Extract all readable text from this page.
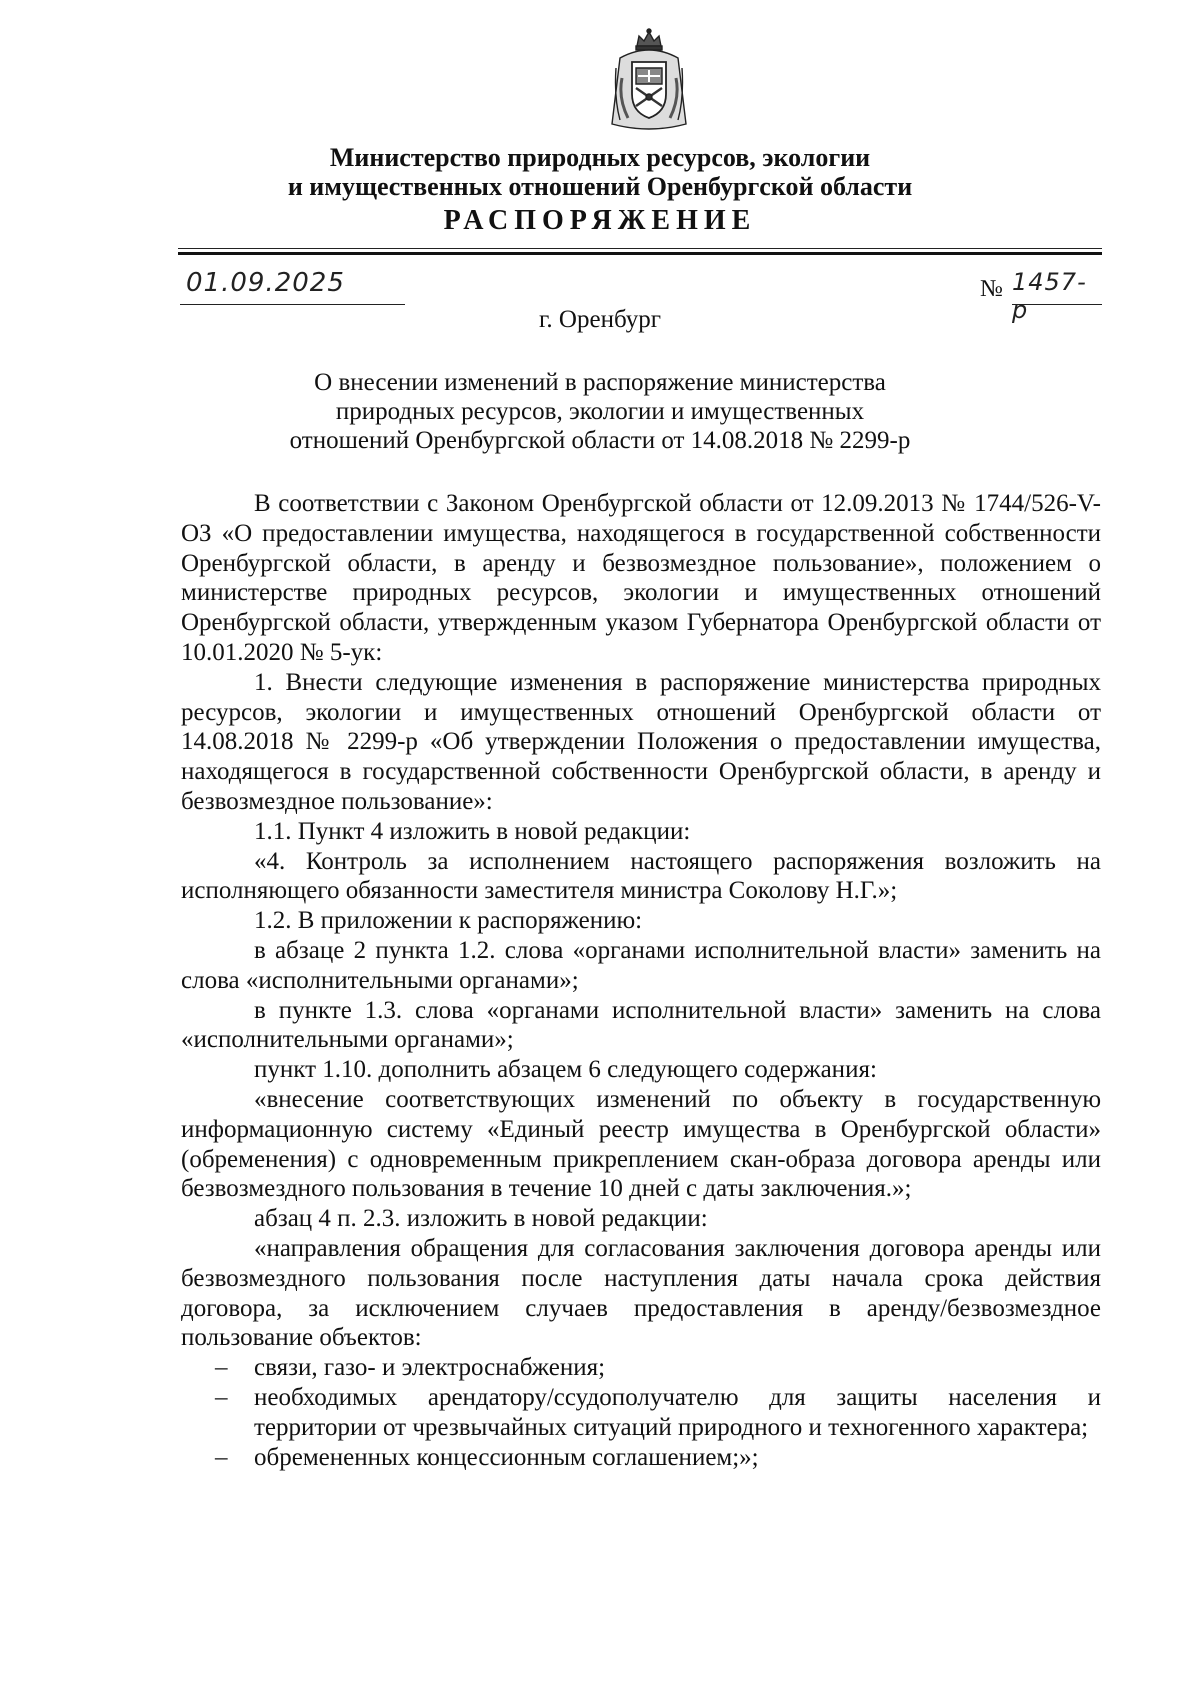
Министерство природных ресурсов, экологии
и имущественных отношений Оренбургской области
РАСПОРЯЖЕНИЕ
01.09.2025	№ 1457-р
г. Оренбург
О внесении изменений в распоряжение министерства
природных ресурсов, экологии и имущественных
отношений Оренбургской области от 14.08.2018 № 2299-р

В соответствии с Законом Оренбургской области от 12.09.2013 № 1744/526-V-ОЗ «О предоставлении имущества, находящегося в государственной собственности Оренбургской области, в аренду и безвозмездное пользование», положением о министерстве природных ресурсов, экологии и имущественных отношений Оренбургской области, утвержденным указом Губернатора Оренбургской области от 10.01.2020 № 5-ук:

1. Внести следующие изменения в распоряжение министерства природных ресурсов, экологии и имущественных отношений Оренбургской области от 14.08.2018 № 2299-р «Об утверждении Положения о предоставлении имущества, находящегося в государственной собственности Оренбургской области, в аренду и безвозмездное пользование»:

1.1. Пункт 4 изложить в новой редакции:

«4. Контроль за исполнением настоящего распоряжения возложить на исполняющего обязанности заместителя министра Соколову Н.Г.»;

1.2. В приложении к распоряжению:

в абзаце 2 пункта 1.2. слова «органами исполнительной власти» заменить на слова «исполнительными органами»;

в пункте 1.3. слова «органами исполнительной власти» заменить на слова «исполнительными органами»;

пункт 1.10. дополнить абзацем 6 следующего содержания:

«внесение соответствующих изменений по объекту в государственную информационную систему «Единый реестр имущества в Оренбургской области» (обременения) с одновременным прикреплением скан-образа договора аренды или безвозмездного пользования в течение 10 дней с даты заключения.»;

абзац 4 п. 2.3. изложить в новой редакции:

«направления обращения для согласования заключения договора аренды или безвозмездного пользования после наступления даты начала срока действия договора, за исключением случаев предоставления в аренду/безвозмездное пользование объектов:

– связи, газо- и электроснабжения;

– необходимых арендатору/ссудополучателю для защиты населения и территории от чрезвычайных ситуаций природного и техногенного характера;

– обремененных концессионным соглашением;»;
